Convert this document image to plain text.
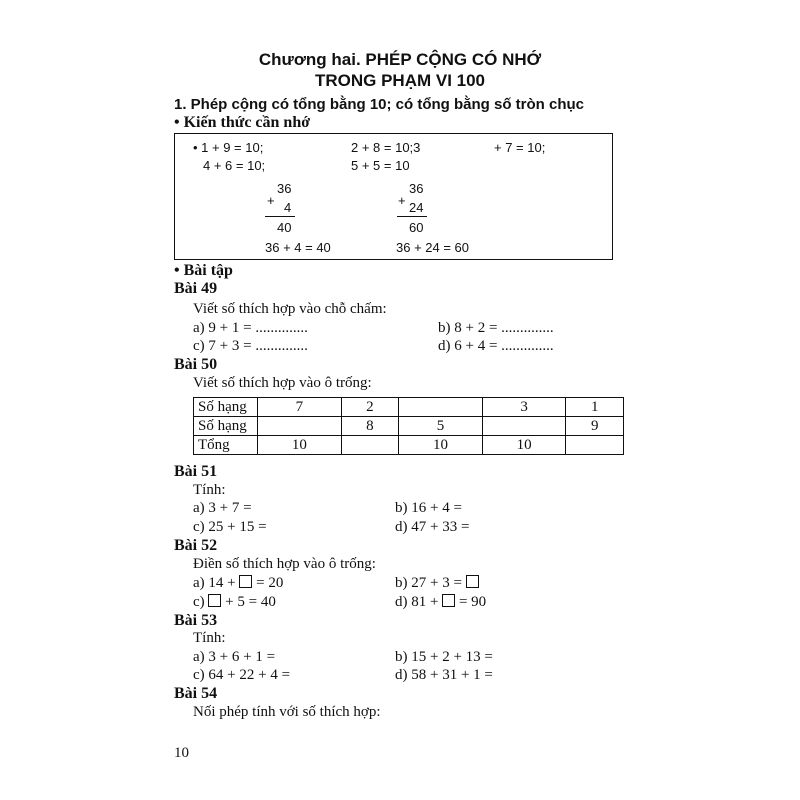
Chương hai. PHÉP CỘNG CÓ NHỚ
TRONG PHẠM VI 100
1. Phép cộng có tổng bằng 10; có tổng bằng số tròn chục
• Kiến thức cần nhớ
• 1 + 9 = 10;	2 + 8 = 10;3	+ 7 = 10;
4 + 6 = 10;	5 + 5 = 10
36
+ 4
40
36 + 4 = 40
36
+ 24
60
36 + 24 = 60
• Bài tập
Bài 49
Viết số thích hợp vào chỗ chấm:
a) 9 + 1 = ..............	b) 8 + 2 = ..............
c) 7 + 3 = ..............	d) 6 + 4 = ..............
Bài 50
Viết số thích hợp vào ô trống:
Số hạng	7	2		3	1
Số hạng		8	5		9
Tổng	10		10	10	
Bài 51
Tính:
a) 3 + 7 =	b) 16 + 4 =
c) 25 + 15 =	d) 47 + 33 =
Bài 52
Điền số thích hợp vào ô trống:
a) 14 + = 20	b) 27 + 3 =
c) + 5 = 40	d) 81 + = 90
Bài 53
Tính:
a) 3 + 6 + 1 =	b) 15 + 2 + 13 =
c) 64 + 22 + 4 =	d) 58 + 31 + 1 =
Bài 54
Nối phép tính với số thích hợp:
10
